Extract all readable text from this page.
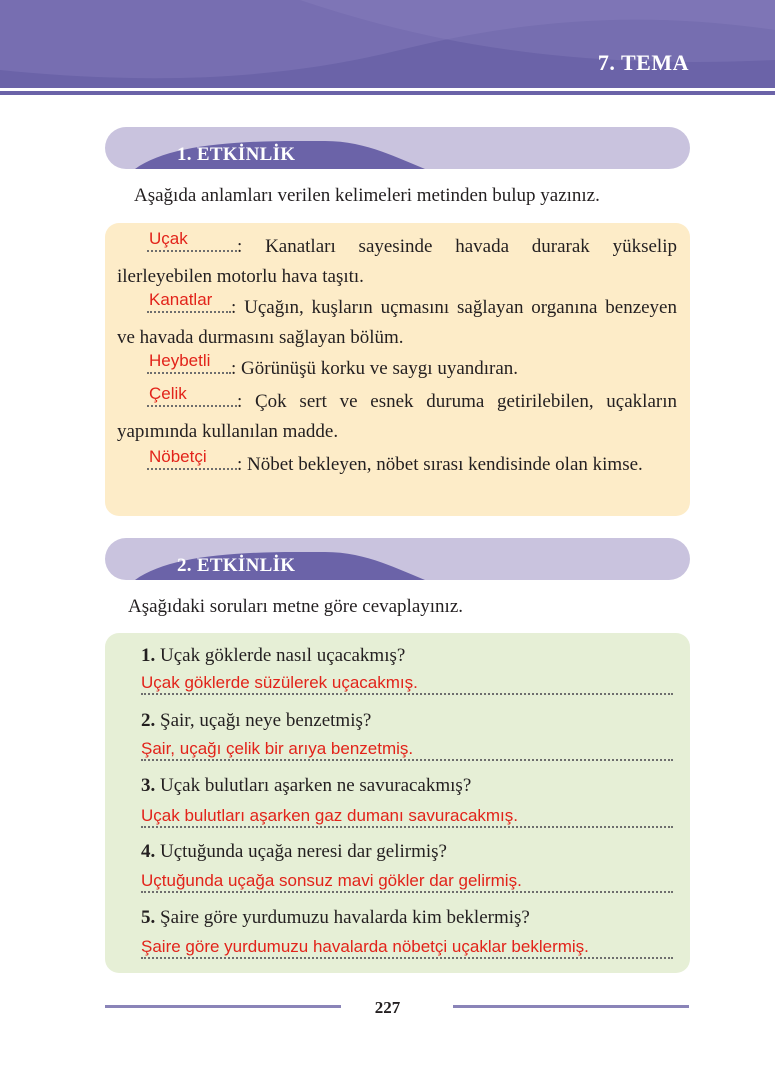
7. TEMA
1. ETKİNLİK
Aşağıda anlamları verilen kelimeleri metinden bulup yazınız.
Uçak	: Kanatları sayesinde havada durarak yükselip ilerleyebilen motorlu hava taşıtı.
Kanatlar : Uçağın, kuşların uçmasını sağlayan organına benzeyen ve havada durmasını sağlayan bölüm.
Heybetli : Görünüşü korku ve saygı uyandıran.
Çelik	: Çok sert ve esnek duruma getirilebilen, uçakların yapımında kullanılan madde.
Nöbetçi : Nöbet bekleyen, nöbet sırası kendisinde olan kimse.
2. ETKİNLİK
Aşağıdaki soruları metne göre cevaplayınız.
1. Uçak göklerde nasıl uçacakmış?
Uçak göklerde süzülerek uçacakmış.
2. Şair, uçağı neye benzetmiş?
Şair, uçağı çelik bir arıya benzetmiş.
3. Uçak bulutları aşarken ne savuracakmış?
Uçak bulutları aşarken gaz dumanı savuracakmış.
4. Uçtuğunda uçağa neresi dar gelirmiş?
Uçtuğunda uçağa sonsuz mavi gökler dar gelirmiş.
5. Şaire göre yurdumuzu havalarda kim beklermiş?
Şaire göre yurdumuzu havalarda nöbetçi uçaklar beklermiş.
227
